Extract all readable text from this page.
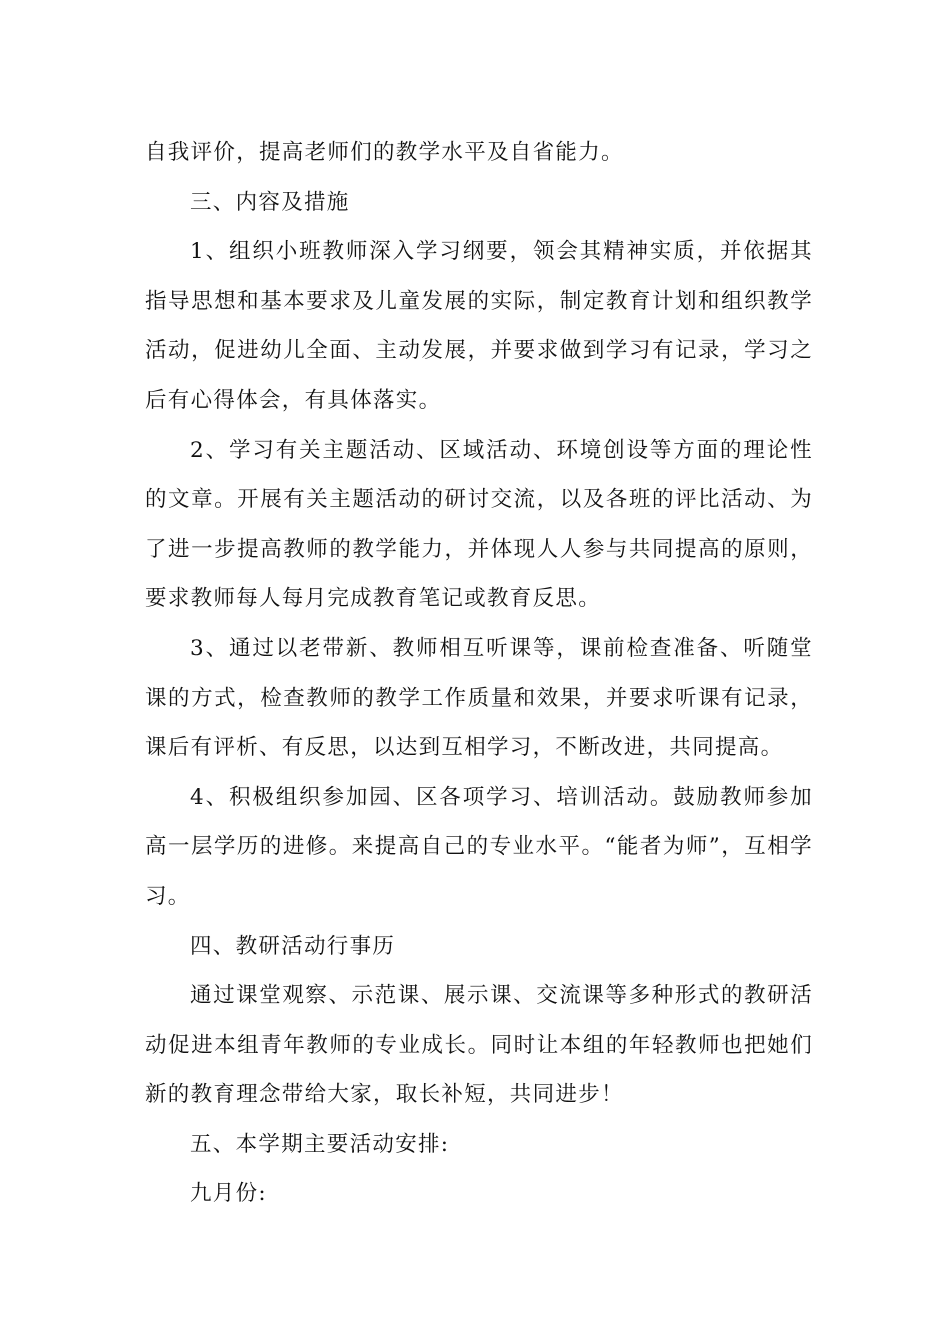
自我评价，提高老师们的教学水平及自省能力。

三、内容及措施

1、组织小班教师深入学习纲要，领会其精神实质，并依据其指导思想和基本要求及儿童发展的实际，制定教育计划和组织教学活动，促进幼儿全面、主动发展，并要求做到学习有记录，学习之后有心得体会，有具体落实。

2、学习有关主题活动、区域活动、环境创设等方面的理论性的文章。开展有关主题活动的研讨交流，以及各班的评比活动、为了进一步提高教师的教学能力，并体现人人参与共同提高的原则，要求教师每人每月完成教育笔记或教育反思。

3、通过以老带新、教师相互听课等，课前检查准备、听随堂课的方式，检查教师的教学工作质量和效果，并要求听课有记录，课后有评析、有反思，以达到互相学习，不断改进，共同提高。

4、积极组织参加园、区各项学习、培训活动。鼓励教师参加高一层学历的进修。来提高自己的专业水平。“能者为师”，互相学习。

四、教研活动行事历

通过课堂观察、示范课、展示课、交流课等多种形式的教研活动促进本组青年教师的专业成长。同时让本组的年轻教师也把她们新的教育理念带给大家，取长补短，共同进步！

五、本学期主要活动安排:

九月份:
